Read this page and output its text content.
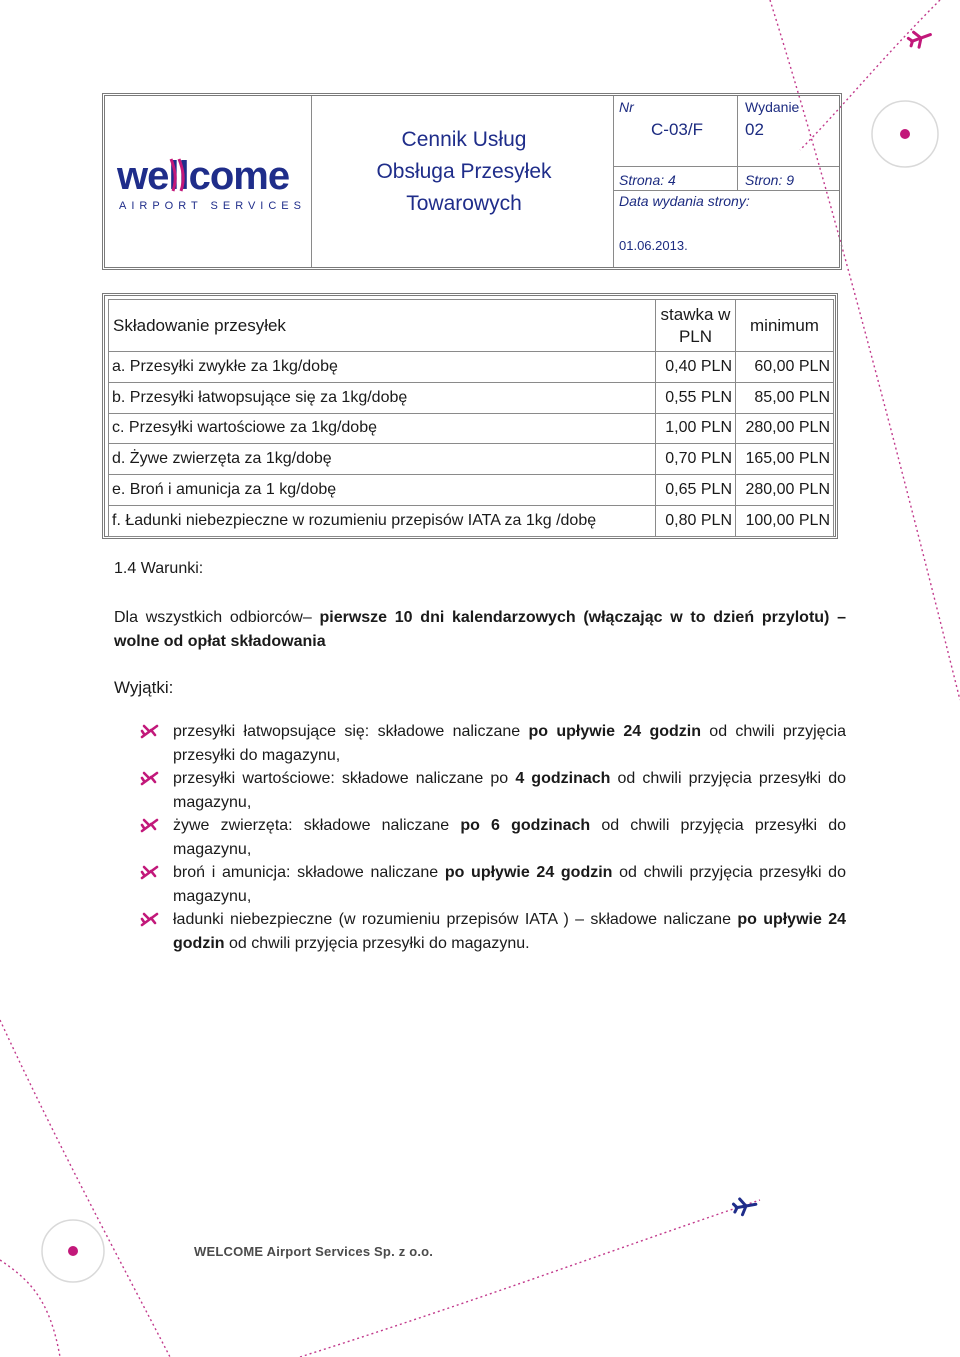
wellcome
AIRPORT SERVICES
Cennik Usług
Obsługa Przesyłek
Towarowych
Nr
C-03/F
Wydanie
02
Strona: 4	Stron: 9
Data wydania strony:
01.06.2013.
Składowanie przesyłek	stawka w PLN	minimum
a. Przesyłki zwykłe za 1kg/dobę	0,40 PLN	60,00 PLN
b. Przesyłki łatwopsujące się za 1kg/dobę	0,55 PLN	85,00 PLN
c. Przesyłki wartościowe za 1kg/dobę	1,00 PLN	280,00 PLN
d. Żywe zwierzęta za 1kg/dobę	0,70 PLN	165,00 PLN
e. Broń i amunicja za 1 kg/dobę	0,65 PLN	280,00 PLN
f. Ładunki niebezpieczne w rozumieniu przepisów IATA za 1kg /dobę	0,80 PLN	100,00 PLN
1.4 Warunki:

Dla wszystkich odbiorców– pierwsze 10 dni kalendarzowych (włączając w to dzień przylotu) – wolne od opłat składowania

Wyjątki:
przesyłki łatwopsujące się: składowe naliczane po upływie 24 godzin od chwili przyjęcia przesyłki do magazynu,
przesyłki wartościowe: składowe naliczane po 4 godzinach od chwili przyjęcia przesyłki do magazynu,
żywe zwierzęta: składowe naliczane po 6 godzinach od chwili przyjęcia przesyłki do magazynu,
broń i amunicja: składowe naliczane po upływie 24 godzin od chwili przyjęcia przesyłki do magazynu,
ładunki niebezpieczne (w rozumieniu przepisów IATA ) – składowe naliczane po upływie 24 godzin od chwili przyjęcia przesyłki do magazynu.
WELCOME Airport Services Sp. z o.o.
